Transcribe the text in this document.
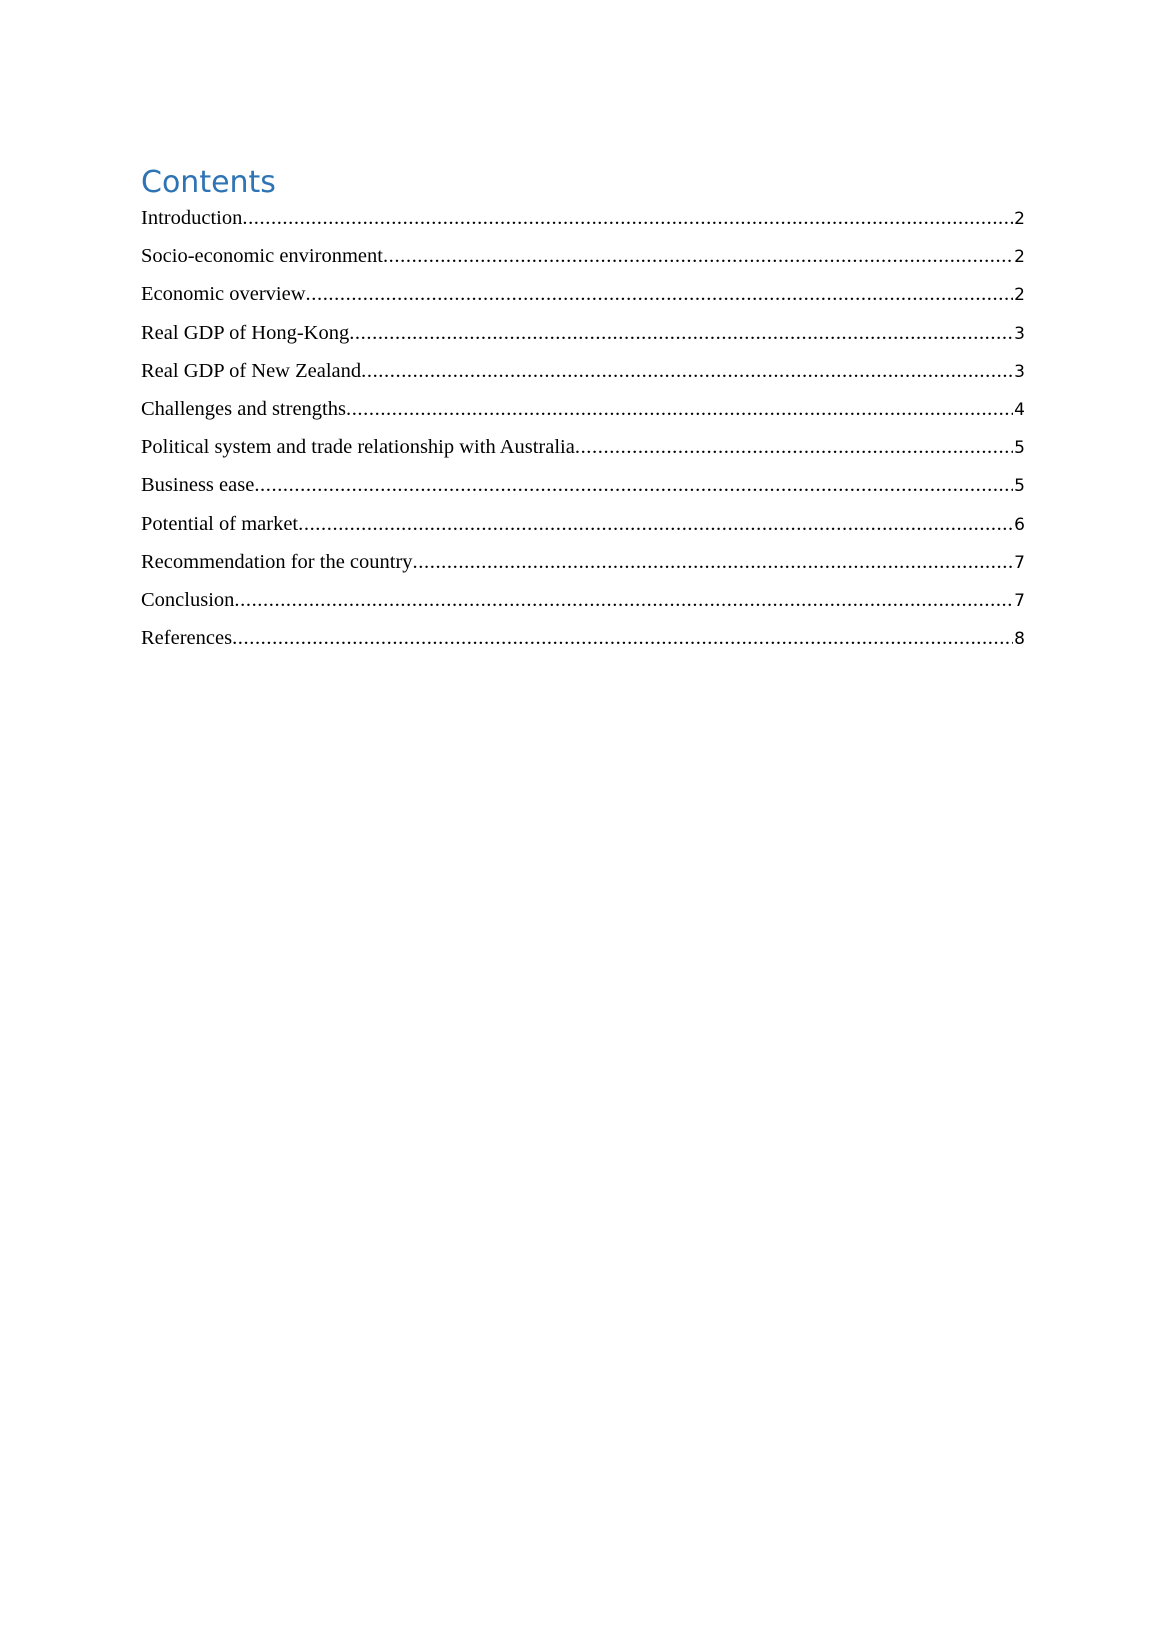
Contents
Introduction .....	2
Socio-economic environment .....	2
Economic overview .....	2
Real GDP of Hong-Kong .....	3
Real GDP of New Zealand .....	3
Challenges and strengths .....	4
Political system and trade relationship with Australia .....	5
Business ease .....	5
Potential of market .....	6
Recommendation for the country .....	7
Conclusion .....	7
References .....	8
